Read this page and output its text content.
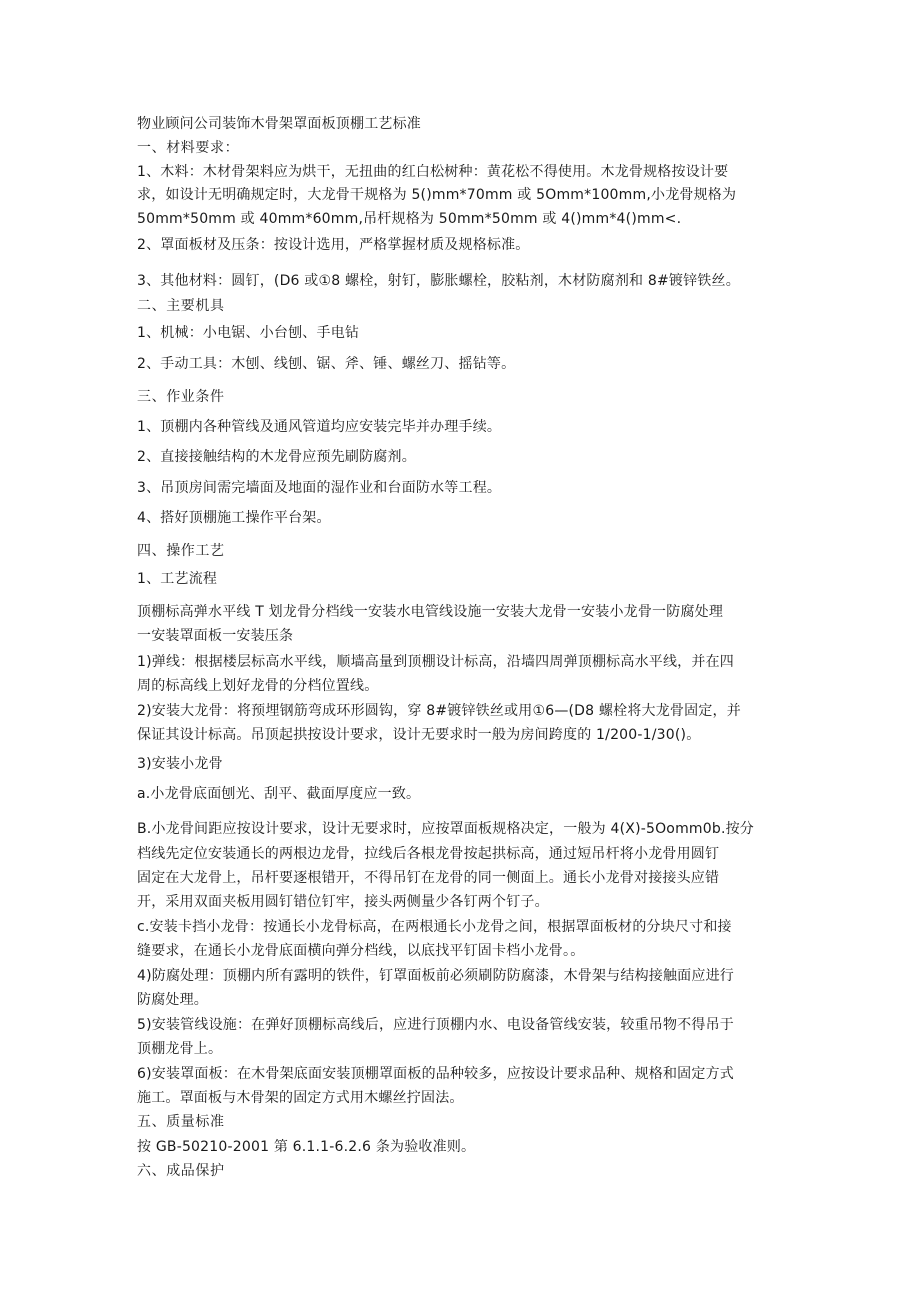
物业顾问公司装饰木骨架罩面板顶棚工艺标准
一、材料要求：
1、木料：木材骨架料应为烘干，无扭曲的红白松树种：黄花松不得使用。木龙骨规格按设计要
求，如设计无明确规定时，大龙骨干规格为 5()mm*70mm 或 5Omm*100mm,小龙骨规格为
50mm*50mm 或 40mm*60mm,吊杆规格为 50mm*50mm 或 4()mm*4()mm<.
2、罩面板材及压条：按设计选用，严格掌握材质及规格标准。
3、其他材料：圆钉，(D6 或①8 螺栓，射钉，膨胀螺栓，胶粘剂，木材防腐剂和 8#镀锌铁丝。
二、主要机具
1、机械：小电锯、小台刨、手电钻
2、手动工具：木刨、线刨、锯、斧、锤、螺丝刀、摇钻等。
三、作业条件
1、顶棚内各种管线及通风管道均应安装完毕并办理手续。
2、直接接触结构的木龙骨应预先刷防腐剂。
3、吊顶房间需完墙面及地面的湿作业和台面防水等工程。
4、搭好顶棚施工操作平台架。
四、操作工艺
1、工艺流程
顶棚标高弹水平线 T 划龙骨分档线一安装水电管线设施一安装大龙骨一安装小龙骨一防腐处理
一安装罩面板一安装压条
1)弹线：根据楼层标高水平线，顺墙高量到顶棚设计标高，沿墙四周弹顶棚标高水平线，并在四
周的标高线上划好龙骨的分档位置线。
2)安装大龙骨：将预埋钢筋弯成环形圆钩，穿 8#镀锌铁丝或用①6—(D8 螺栓将大龙骨固定，并
保证其设计标高。吊顶起拱按设计要求，设计无要求时一般为房间跨度的 1/200-1/30()。
3)安装小龙骨
a.小龙骨底面刨光、刮平、截面厚度应一致。
B.小龙骨间距应按设计要求，设计无要求时，应按罩面板规格决定，一般为 4(X)-5Oomm0b.按分
档线先定位安装通长的两根边龙骨，拉线后各根龙骨按起拱标高，通过短吊杆将小龙骨用圆钉
固定在大龙骨上，吊杆要逐根错开，不得吊钉在龙骨的同一侧面上。通长小龙骨对接接头应错
开，采用双面夹板用圆钉错位钉牢，接头两侧量少各钉两个钉子。
c.安装卡挡小龙骨：按通长小龙骨标高，在两根通长小龙骨之间，根据罩面板材的分块尺寸和接
缝要求，在通长小龙骨底面横向弹分档线，以底找平钉固卡档小龙骨。。
4)防腐处理：顶棚内所有露明的铁件，钉罩面板前必须刷防防腐漆，木骨架与结构接触面应进行
防腐处理。
5)安装管线设施：在弹好顶棚标高线后，应进行顶棚内水、电设备管线安装，较重吊物不得吊于
顶棚龙骨上。
6)安装罩面板：在木骨架底面安装顶棚罩面板的品种较多，应按设计要求品种、规格和固定方式
施工。罩面板与木骨架的固定方式用木螺丝拧固法。
五、质量标准
按 GB-50210-2001 第 6.1.1-6.2.6 条为验收准则。
六、成品保护
